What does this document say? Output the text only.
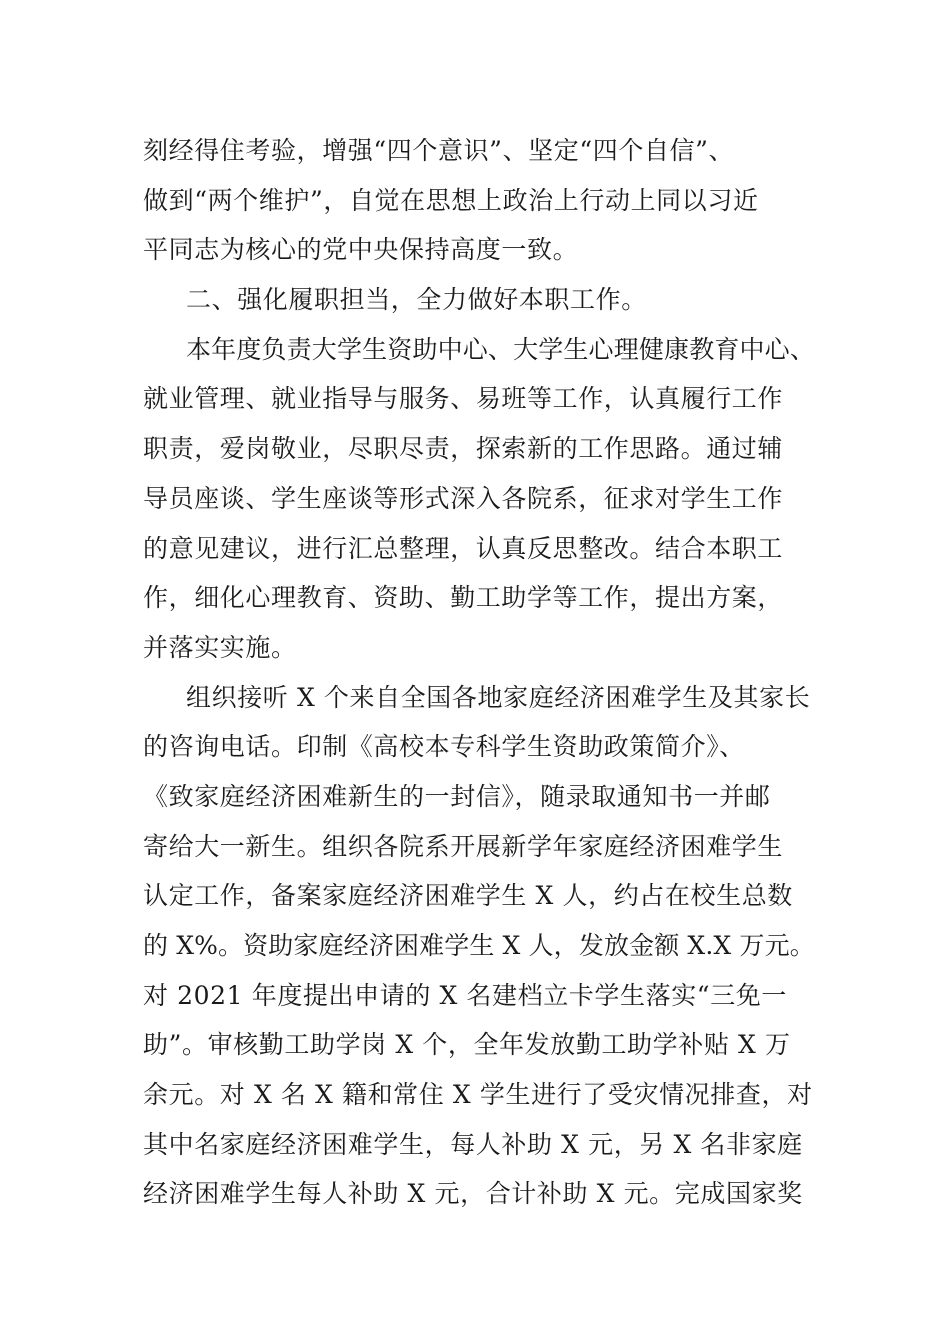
刻经得住考验，增强“四个意识”、坚定“四个自信”、

做到“两个维护”，自觉在思想上政治上行动上同以习近

平同志为核心的党中央保持高度一致。

二、强化履职担当，全力做好本职工作。

本年度负责大学生资助中心、大学生心理健康教育中心、

就业管理、就业指导与服务、易班等工作，认真履行工作

职责，爱岗敬业，尽职尽责，探索新的工作思路。通过辅

导员座谈、学生座谈等形式深入各院系，征求对学生工作

的意见建议，进行汇总整理，认真反思整改。结合本职工

作，细化心理教育、资助、勤工助学等工作，提出方案，

并落实实施。

组织接听 X 个来自全国各地家庭经济困难学生及其家长

的咨询电话。印制《高校本专科学生资助政策简介》、

《致家庭经济困难新生的一封信》，随录取通知书一并邮

寄给大一新生。组织各院系开展新学年家庭经济困难学生

认定工作，备案家庭经济困难学生 X 人，约占在校生总数

的 X%。资助家庭经济困难学生 X 人，发放金额 X.X 万元。

对 2021 年度提出申请的 X 名建档立卡学生落实“三免一

助”。审核勤工助学岗 X 个，全年发放勤工助学补贴 X 万

余元。对 X 名 X 籍和常住 X 学生进行了受灾情况排查，对

其中名家庭经济困难学生，每人补助 X 元，另 X 名非家庭

经济困难学生每人补助 X 元，合计补助 X 元。完成国家奖
